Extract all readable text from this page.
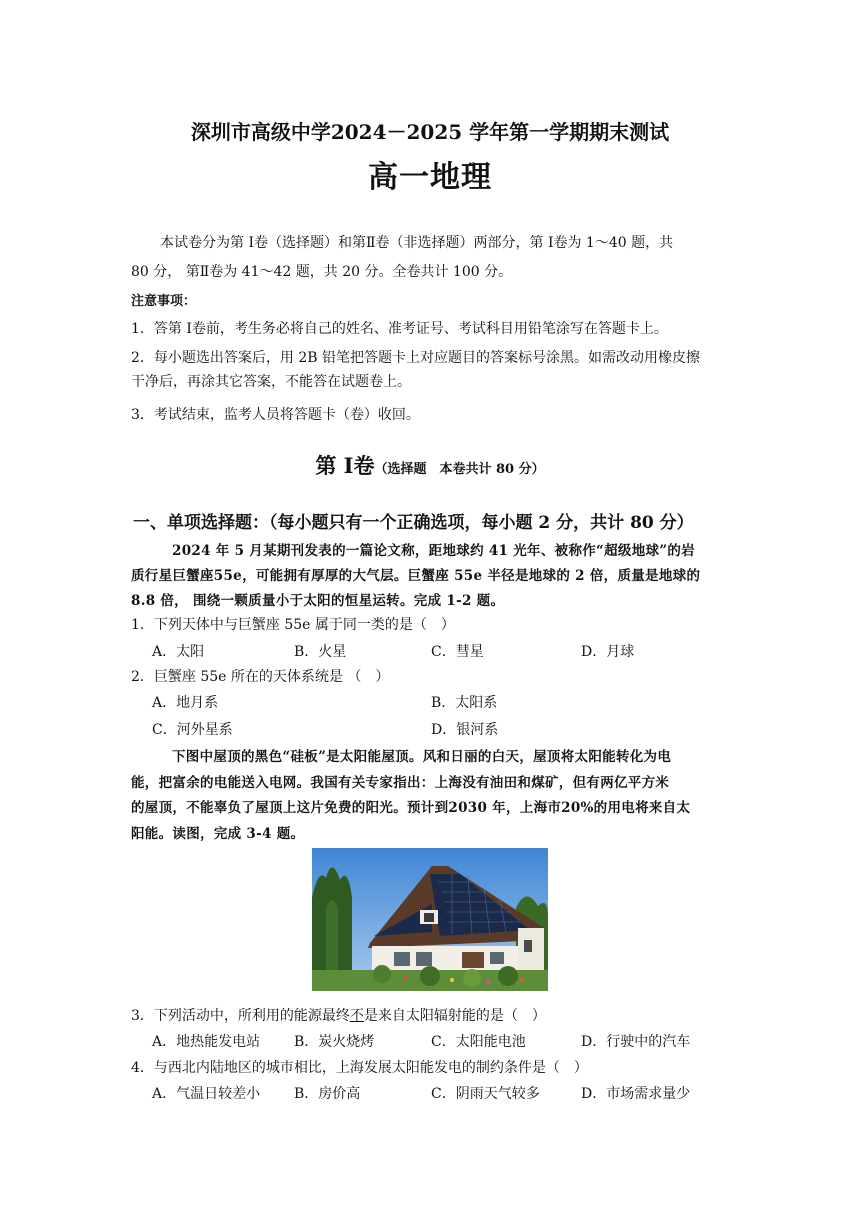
深圳市高级中学2024－2025 学年第一学期期末测试
高一地理
本试卷分为第 Ⅰ卷（选择题）和第Ⅱ卷（非选择题）两部分，第 Ⅰ卷为 1～40 题，共
80 分， 第Ⅱ卷为 41～42 题，共 20 分。全卷共计 100 分。
注意事项：
1．答第 Ⅰ卷前，考生务必将自己的姓名、准考证号、考试科目用铅笔涂写在答题卡上。
2．每小题选出答案后，用 2B 铅笔把答题卡上对应题目的答案标号涂黑。如需改动用橡皮擦
干净后，再涂其它答案，不能答在试题卷上。
3．考试结束，监考人员将答题卡（卷）收回。
第 Ⅰ卷（选择题　本卷共计 80 分）
一、单项选择题：（每小题只有一个正确选项，每小题 2 分，共计 80 分）
2024 年 5 月某期刊发表的一篇论文称，距地球约 41 光年、被称作“超级地球”的岩
质行星巨蟹座55e，可能拥有厚厚的大气层。巨蟹座 55e 半径是地球的 2 倍，质量是地球的
8.8 倍， 围绕一颗质量小于太阳的恒星运转。完成 1-2 题。
1．下列天体中与巨蟹座 55e 属于同一类的是（　）
A．太阳	B．火星	C．彗星	D．月球
2．巨蟹座 55e 所在的天体系统是 （　）
A．地月系	B．太阳系
C．河外星系	D．银河系
下图中屋顶的黑色“硅板”是太阳能屋顶。风和日丽的白天，屋顶将太阳能转化为电
能，把富余的电能送入电网。我国有关专家指出：上海没有油田和煤矿，但有两亿平方米
的屋顶，不能辜负了屋顶上这片免费的阳光。预计到2030 年，上海市20%的用电将来自太
阳能。读图，完成 3-4 题。
3．下列活动中，所利用的能源最终不是来自太阳辐射能的是（　）
A．地热能发电站 B．炭火烧烤	C．太阳能电池	D．行驶中的汽车
4．与西北内陆地区的城市相比，上海发展太阳能发电的制约条件是（　）
A．气温日较差小 B．房价高	C．阴雨天气较多	D．市场需求量少
